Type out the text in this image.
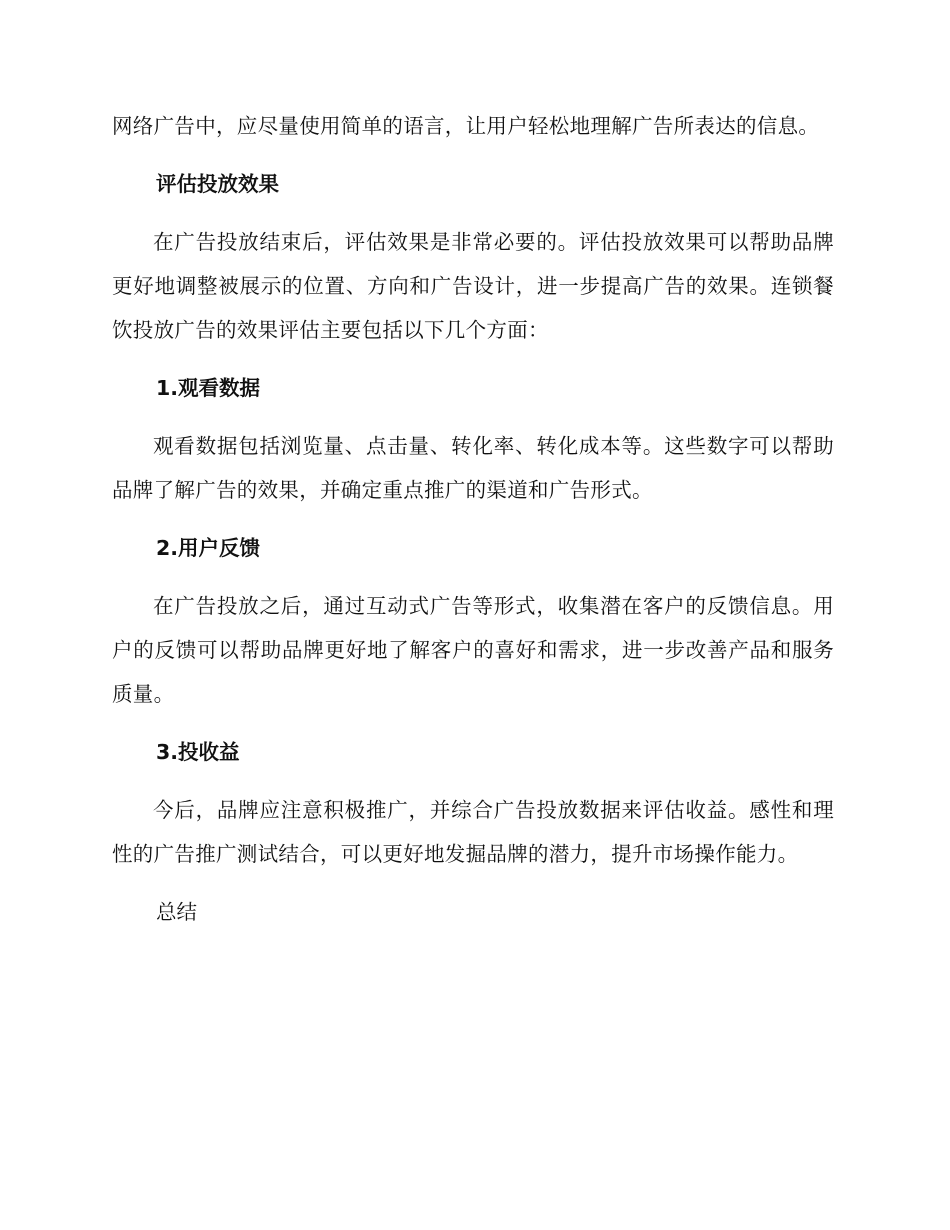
网络广告中，应尽量使用简单的语言，让用户轻松地理解广告所表达的信息。

评估投放效果

在广告投放结束后，评估效果是非常必要的。评估投放效果可以帮助品牌更好地调整被展示的位置、方向和广告设计，进一步提高广告的效果。连锁餐饮投放广告的效果评估主要包括以下几个方面：

1.观看数据

观看数据包括浏览量、点击量、转化率、转化成本等。这些数字可以帮助品牌了解广告的效果，并确定重点推广的渠道和广告形式。

2.用户反馈

在广告投放之后，通过互动式广告等形式，收集潜在客户的反馈信息。用户的反馈可以帮助品牌更好地了解客户的喜好和需求，进一步改善产品和服务质量。

3.投收益

今后，品牌应注意积极推广，并综合广告投放数据来评估收益。感性和理性的广告推广测试结合，可以更好地发掘品牌的潜力，提升市场操作能力。

总结
